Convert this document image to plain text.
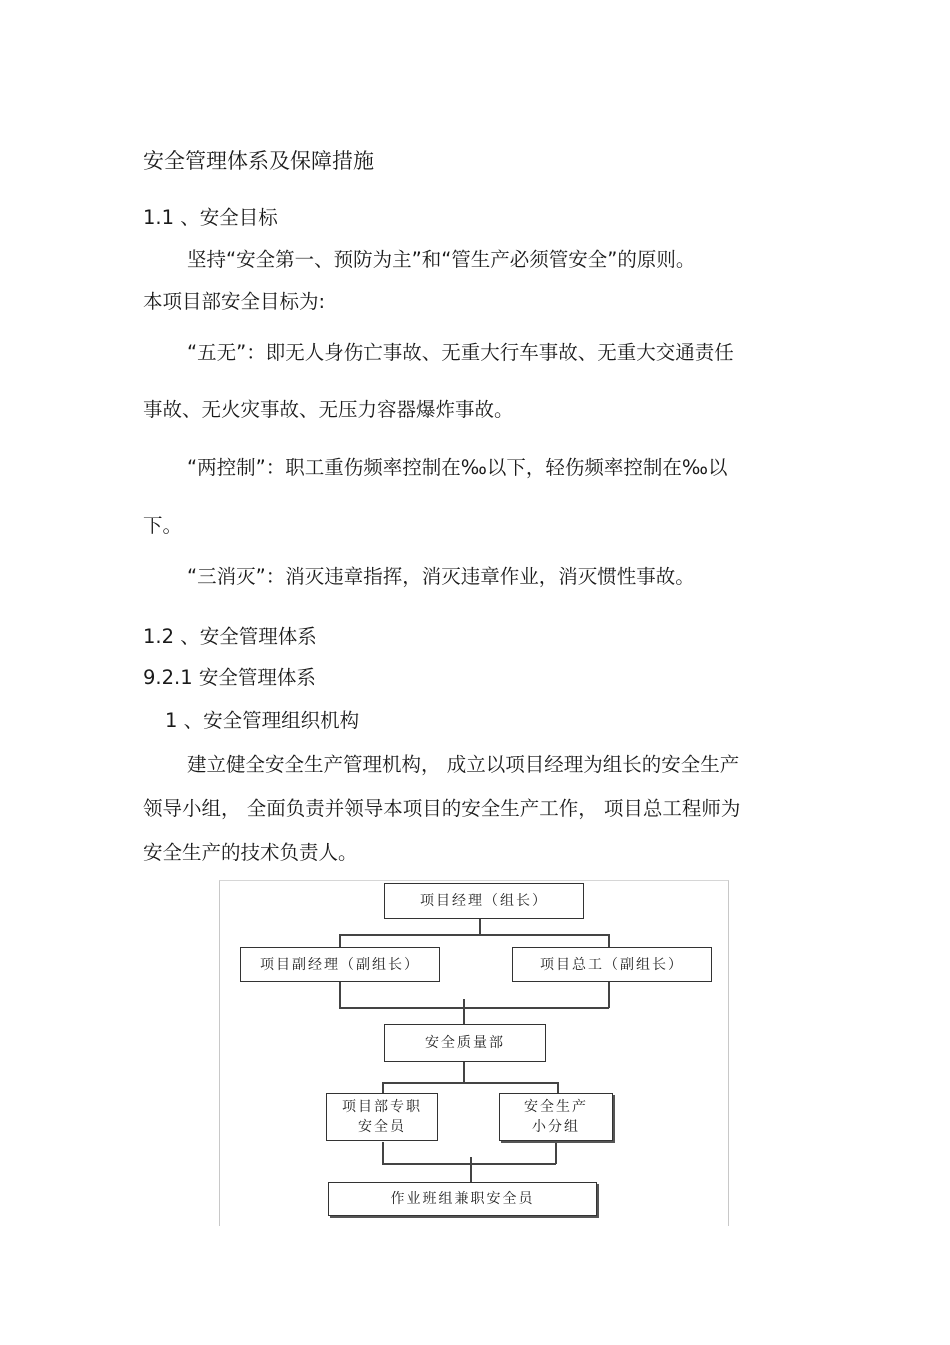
安全管理体系及保障措施
1.1 、安全目标
坚持“安全第一、预防为主”和“管生产必须管安全”的原则。
本项目部安全目标为:
“五无”：即无人身伤亡事故、无重大行车事故、无重大交通责任
事故、无火灾事故、无压力容器爆炸事故。
“两控制”：职工重伤频率控制在‰以下，轻伤频率控制在‰以
下。
“三消灭”：消灭违章指挥，消灭违章作业，消灭惯性事故。
1.2 、安全管理体系
9.2.1 安全管理体系
1 、安全管理组织机构
建立健全安全生产管理机构， 成立以项目经理为组长的安全生产
领导小组， 全面负责并领导本项目的安全生产工作， 项目总工程师为
安全生产的技术负责人。
项目经理（组长）
项目副经理（副组长）	项目总工（副组长）
安全质量部
项目部专职
安全员
安全生产
小分组
作业班组兼职安全员
